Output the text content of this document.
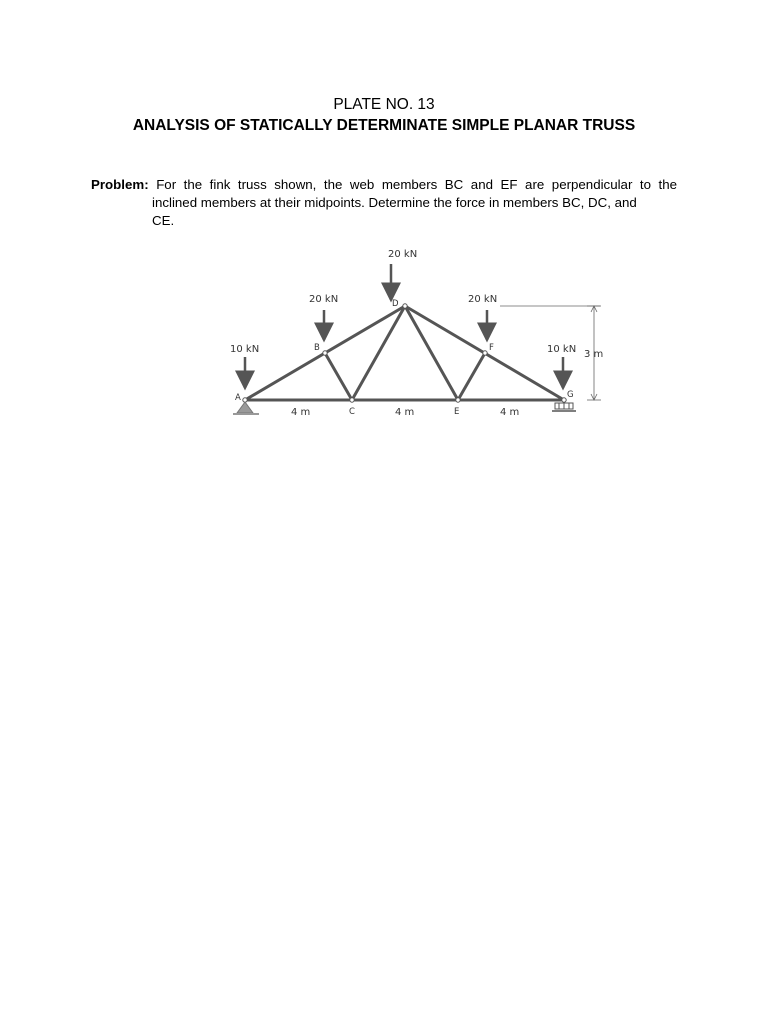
PLATE NO. 13
ANALYSIS OF STATICALLY DETERMINATE SIMPLE PLANAR TRUSS
Problem: For the fink truss shown, the web members BC and EF are perpendicular to the
inclined members at their midpoints. Determine the force in members BC, DC, and
CE.
20 kN
20 kN	20 kN
10 kN	10 kN
A
B
C
D
E
F
G
4 m	4 m	4 m
3 m
